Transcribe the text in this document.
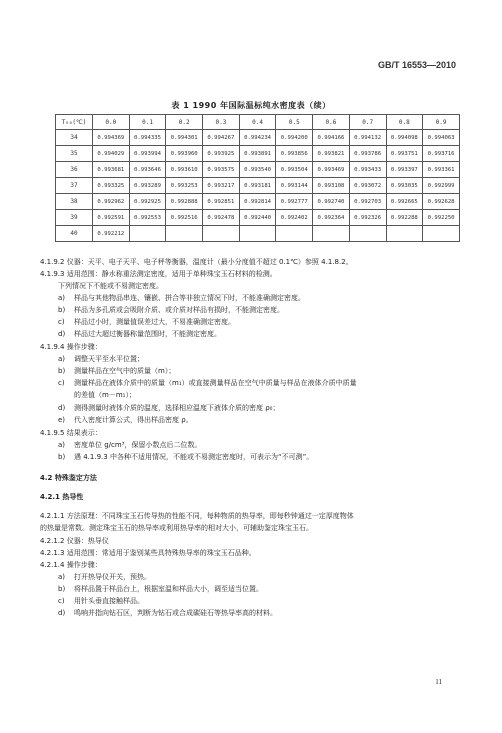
GB/T 16553—2010
表 1 1990 年国际温标纯水密度表（续）
T₉₀(℃)	0.0	0.1	0.2	0.3	0.4	0.5	0.6	0.7	0.8	0.9
34	0.994369	0.994335	0.994301	0.994267	0.994234	0.994200	0.994166	0.994132	0.994098	0.994063
35	0.994029	0.993994	0.993960	0.993925	0.993891	0.993856	0.993821	0.993786	0.993751	0.993716
36	0.993681	0.993646	0.993610	0.993575	0.993540	0.993504	0.993469	0.993433	0.993397	0.993361
37	0.993325	0.993289	0.993253	0.993217	0.993181	0.993144	0.993108	0.993072	0.993035	0.992999
38	0.992962	0.992925	0.992888	0.992851	0.992814	0.992777	0.992740	0.992703	0.992665	0.992628
39	0.992591	0.992553	0.992516	0.992478	0.992440	0.992402	0.992364	0.992326	0.992288	0.992250
40	0.992212									
4.1.9.2 仪器：天平、电子天平、电子秤等衡器，温度计（最小分度值不超过 0.1℃）参照 4.1.8.2。
4.1.9.3 适用范围：静水称重法测定密度，适用于单种珠宝玉石材料的检测。
下列情况下不能或不易测定密度。
a) 样品与其他物品串连、镶嵌、拼合等非独立情况下时，不能准确测定密度。
b) 样品为多孔质或会吸附介质、或介质对样品有损时，不能测定密度。
c) 样品过小时，测量值误差过大，不易准确测定密度。
d) 样品过大超过衡器称量范围时，不能测定密度。
4.1.9.4 操作步骤：
a) 调整天平至水平位置；
b) 测量样品在空气中的质量（m）；
c) 测量样品在液体介质中的质量（m₁）或直接测量样品在空气中质量与样品在液体介质中质量
的差值（m－m₁）；
d) 测得测量时液体介质的温度，选择相应温度下液体介质的密度 ρ₀；
e) 代入密度计算公式，得出样品密度 ρ。
4.1.9.5 结果表示：
a) 密度单位 g/cm³，保留小数点后二位数。
b) 遇 4.1.9.3 中各种不适用情况，不能或不易测定密度时，可表示为“不可测”。
4.2 特殊鉴定方法
4.2.1 热导性
4.2.1.1 方法原理：不同珠宝玉石传导热的性能不同，每种物质的热导率，即每秒钟通过一定厚度物体
的热量是常数。测定珠宝玉石的热导率或利用热导率的相对大小，可辅助鉴定珠宝玉石。
4.2.1.2 仪器：热导仪
4.2.1.3 适用范围：常适用于鉴别某些具特殊热导率的珠宝玉石品种。
4.2.1.4 操作步骤：
a) 打开热导仪开关，预热。
b) 将样品置于样品台上，根据室温和样品大小，调至适当位置。
c) 用针头垂直接触样品。
d) 鸣响并指向钻石区，判断为钻石或合成碳硅石等热导率高的材料。
11
